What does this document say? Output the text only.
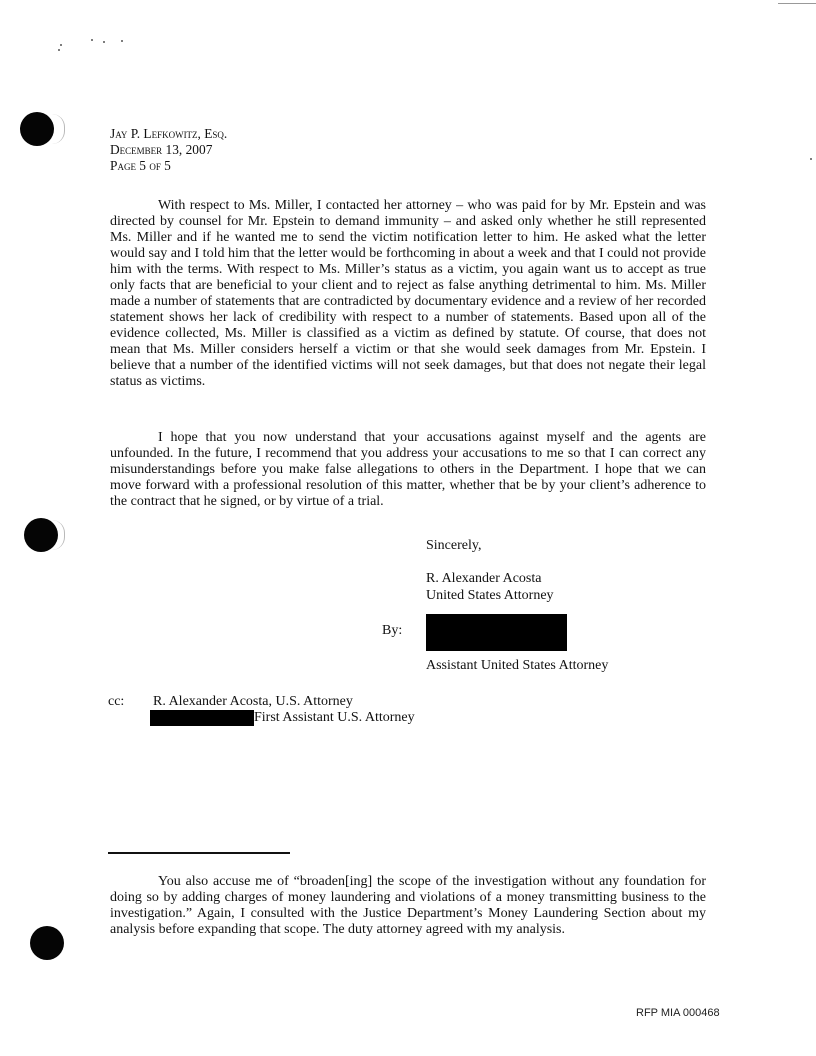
Jay P. Lefkowitz, Esq.
December 13, 2007
Page 5 of 5

With respect to Ms. Miller, I contacted her attorney – who was paid for by Mr. Epstein and was directed by counsel for Mr. Epstein to demand immunity – and asked only whether he still represented Ms. Miller and if he wanted me to send the victim notification letter to him. He asked what the letter would say and I told him that the letter would be forthcoming in about a week and that I could not provide him with the terms. With respect to Ms. Miller’s status as a victim, you again want us to accept as true only facts that are beneficial to your client and to reject as false anything detrimental to him. Ms. Miller made a number of statements that are contradicted by documentary evidence and a review of her recorded statement shows her lack of credibility with respect to a number of statements. Based upon all of the evidence collected, Ms. Miller is classified as a victim as defined by statute. Of course, that does not mean that Ms. Miller considers herself a victim or that she would seek damages from Mr. Epstein. I believe that a number of the identified victims will not seek damages, but that does not negate their legal status as victims.

I hope that you now understand that your accusations against myself and the agents are unfounded. In the future, I recommend that you address your accusations to me so that I can correct any misunderstandings before you make false allegations to others in the Department. I hope that we can move forward with a professional resolution of this matter, whether that be by your client’s adherence to the contract that he signed, or by virtue of a trial.

Sincerely,
R. Alexander Acosta
United States Attorney
By:
Assistant United States Attorney
cc: R. Alexander Acosta, U.S. Attorney
First Assistant U.S. Attorney

You also accuse me of “broaden[ing] the scope of the investigation without any foundation for doing so by adding charges of money laundering and violations of a money transmitting business to the investigation.” Again, I consulted with the Justice Department’s Money Laundering Section about my analysis before expanding that scope. The duty attorney agreed with my analysis.

RFP MIA 000468
